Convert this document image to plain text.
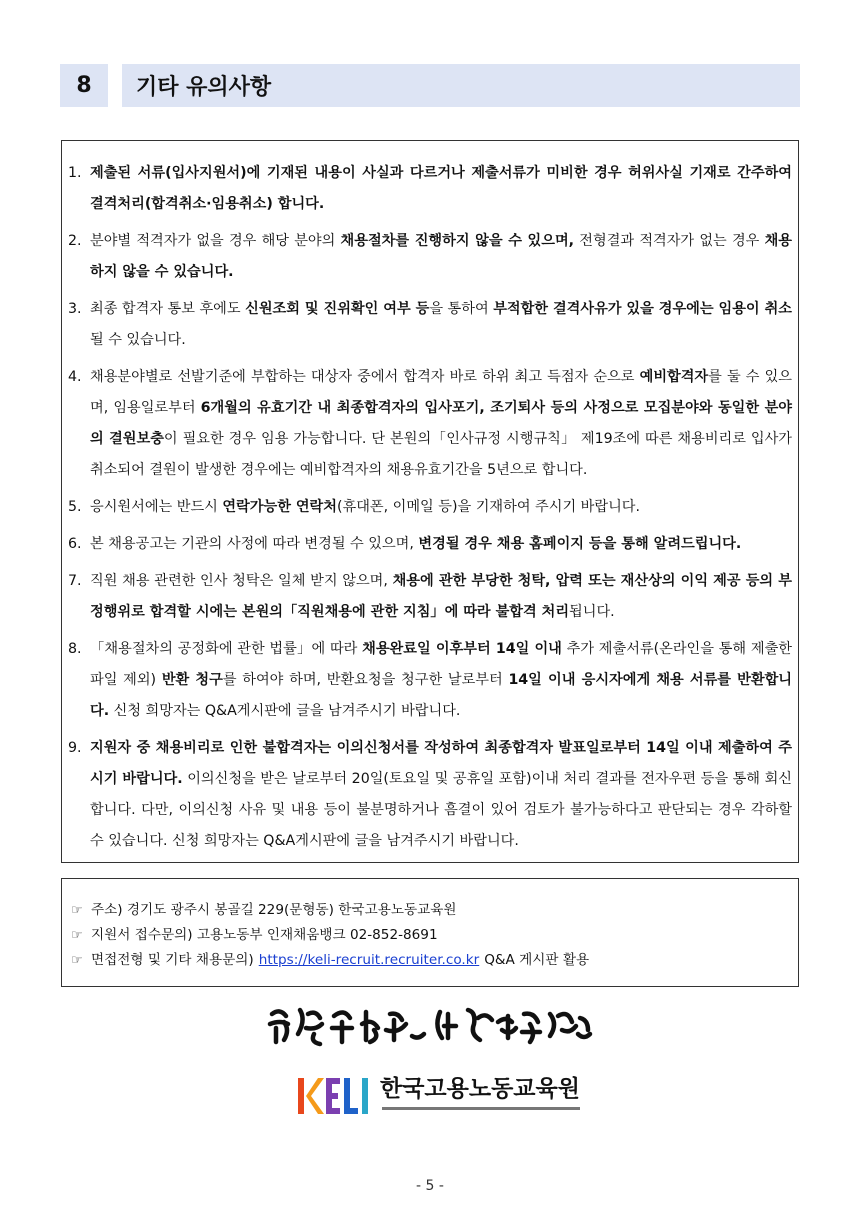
8	기타 유의사항
1. 제출된 서류(입사지원서)에 기재된 내용이 사실과 다르거나 제출서류가 미비한 경우 허위사실 기재로 간주하여 결격처리(합격취소·임용취소) 합니다.
2. 분야별 적격자가 없을 경우 해당 분야의 채용절차를 진행하지 않을 수 있으며, 전형결과 적격자가 없는 경우 채용하지 않을 수 있습니다.
3. 최종 합격자 통보 후에도 신원조회 및 진위확인 여부 등을 통하여 부적합한 결격사유가 있을 경우에는 임용이 취소될 수 있습니다.
4. 채용분야별로 선발기준에 부합하는 대상자 중에서 합격자 바로 하위 최고 득점자 순으로 예비합격자를 둘 수 있으며, 임용일로부터 6개월의 유효기간 내 최종합격자의 입사포기, 조기퇴사 등의 사정으로 모집분야와 동일한 분야의 결원보충이 필요한 경우 임용 가능합니다. 단 본원의「인사규정 시행규칙」 제19조에 따른 채용비리로 입사가 취소되어 결원이 발생한 경우에는 예비합격자의 채용유효기간을 5년으로 합니다.
5. 응시원서에는 반드시 연락가능한 연락처(휴대폰, 이메일 등)을 기재하여 주시기 바랍니다.
6. 본 채용공고는 기관의 사정에 따라 변경될 수 있으며, 변경될 경우 채용 홈페이지 등을 통해 알려드립니다.
7. 직원 채용 관련한 인사 청탁은 일체 받지 않으며, 채용에 관한 부당한 청탁, 압력 또는 재산상의 이익 제공 등의 부정행위로 합격할 시에는 본원의「직원채용에 관한 지침」에 따라 불합격 처리됩니다.
8. 「채용절차의 공정화에 관한 법률」에 따라 채용완료일 이후부터 14일 이내 추가 제출서류(온라인을 통해 제출한 파일 제외) 반환 청구를 하여야 하며, 반환요청을 청구한 날로부터 14일 이내 응시자에게 채용 서류를 반환합니다. 신청 희망자는 Q&A게시판에 글을 남겨주시기 바랍니다.
9. 지원자 중 채용비리로 인한 불합격자는 이의신청서를 작성하여 최종합격자 발표일로부터 14일 이내 제출하여 주시기 바랍니다. 이의신청을 받은 날로부터 20일(토요일 및 공휴일 포함)이내 처리 결과를 전자우편 등을 통해 회신합니다. 다만, 이의신청 사유 및 내용 등이 불분명하거나 흠결이 있어 검토가 불가능하다고 판단되는 경우 각하할 수 있습니다. 신청 희망자는 Q&A게시판에 글을 남겨주시기 바랍니다.
☞ 주소) 경기도 광주시 봉골길 229(문형동) 한국고용노동교육원
☞ 지원서 접수문의) 고용노동부 인재채움뱅크 02-852-8691
☞ 면접전형 및 기타 채용문의) https://keli-recruit.recruiter.co.kr Q&A 게시판 활용
한국고용노동교육원
- 5 -
